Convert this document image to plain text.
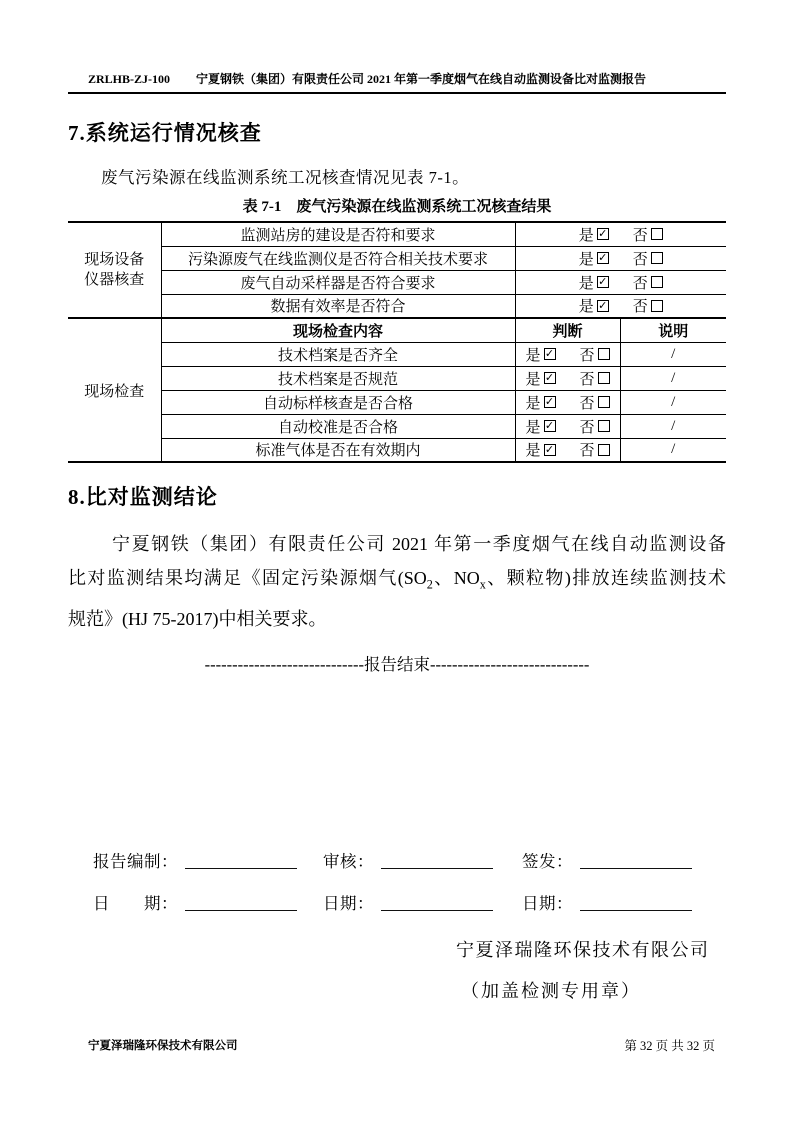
ZRLHB-ZJ-100 宁夏钢铁（集团）有限责任公司 2021 年第一季度烟气在线自动监测设备比对监测报告
7.系统运行情况核查

废气污染源在线监测系统工况核查情况见表 7-1。

表 7-1　废气污染源在线监测系统工况核查结果
现场设备
仪器核查
	监测站房的建设是否符和要求	是 ✓ 否

	污染源废气在线监测仪是否符合相关技术要求	是 ✓ 否	

	废气自动采样器是否符合要求	是 ✓ 否	

	数据有效率是否符合	是 ✓ 否	

现场检查	现场检查内容	判断	说明
	技术档案是否齐全	是 ✓ 否	/
	技术档案是否规范	是 ✓ 否	/
	自动标样核查是否合格	是 ✓ 否	/
	自动校准是否合格	是 ✓ 否	/
	标准气体是否在有效期内	是 ✓ 否	/
8.比对监测结论
宁夏钢铁（集团）有限责任公司 2021 年第一季度烟气在线自动监测设备
比对监测结果均满足《固定污染源烟气($SO_2$、$NO_x$、颗粒物)排放连续监测技术
规范》(HJ 75-2017)中相关要求。
-----------------------------报告结束-----------------------------
报告编制：	审核：	签发：
日　　期：	日期：	日期：
宁夏泽瑞隆环保技术有限公司
（加盖检测专用章）
宁夏泽瑞隆环保技术有限公司	第 32 页 共 32 页
